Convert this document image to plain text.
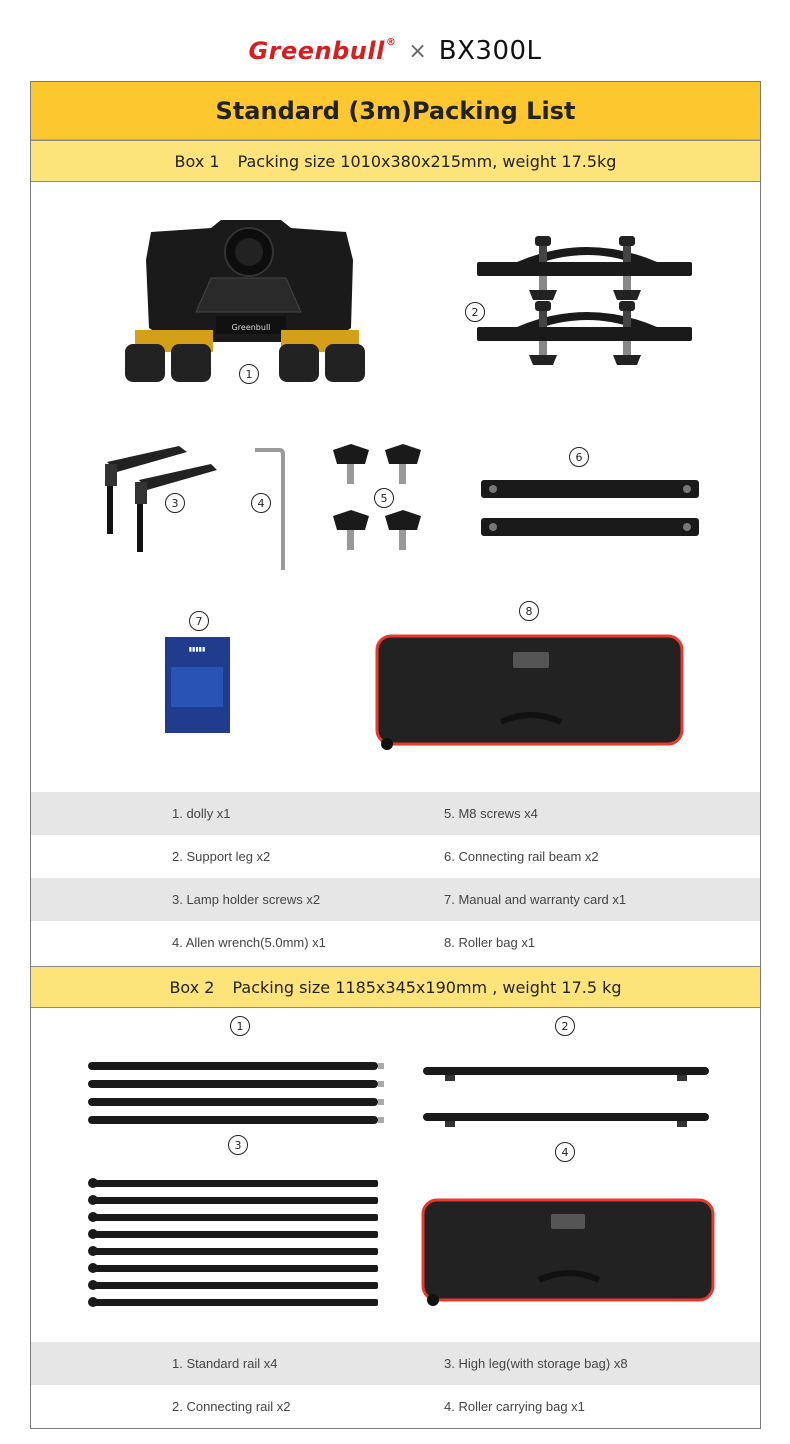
Greenbull® × BX300L
Standard (3m)Packing List
Box 1 Packing size 1010x380x215mm, weight 17.5kg
Greenbull
1
2
3	4	5
6
▮▮▮▮▮
7
8
1. dolly x1	5. M8 screws x4
2. Support leg x2	6. Connecting rail beam x2
3. Lamp holder screws x2	7. Manual and warranty card x1
4. Allen wrench(5.0mm) x1	8. Roller bag x1
Box 2 Packing size 1185x345x190mm , weight 17.5 kg
1	2
3
4
1. Standard rail x4	3. High leg(with storage bag) x8
2. Connecting rail x2	4. Roller carrying bag x1
